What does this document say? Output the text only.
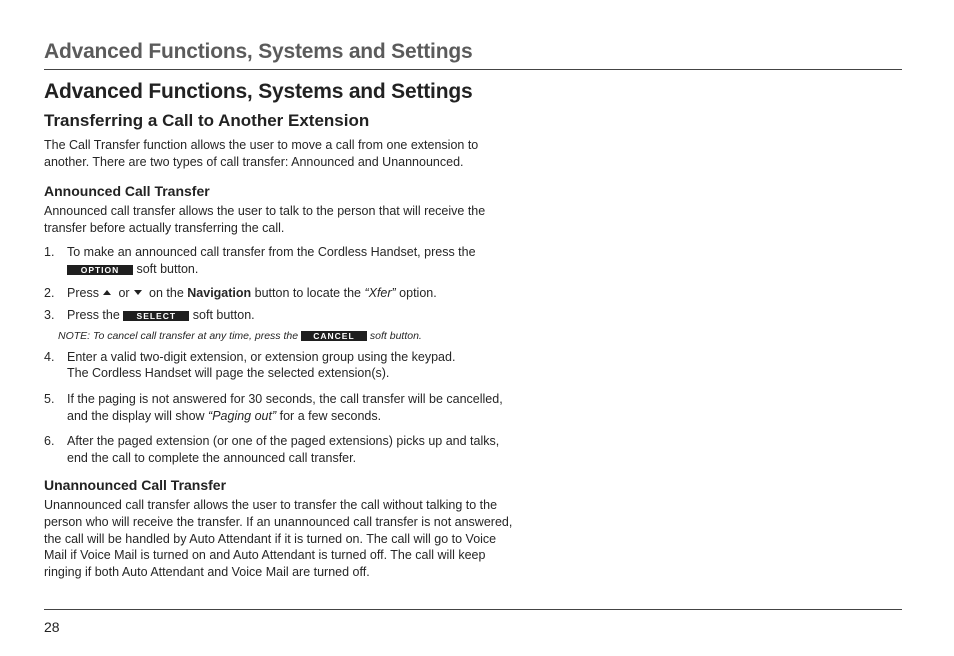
Advanced Functions, Systems and Settings
Advanced Functions, Systems and Settings
Transferring a Call to Another Extension

The Call Transfer function allows the user to move a call from one extension to
another. There are two types of call transfer: Announced and Unannounced.

Announced Call Transfer

Announced call transfer allows the user to talk to the person that will receive the
transfer before actually transferring the call.

1. To make an announced call transfer from the Cordless Handset, press the
OPTION soft button.
2. Press or on the Navigation button to locate the “Xfer” option.
3. Press the SELECT soft button.
NOTE: To cancel call transfer at any time, press the CANCEL soft button.
4. Enter a valid two-digit extension, or extension group using the keypad.
The Cordless Handset will page the selected extension(s).
5. If the paging is not answered for 30 seconds, the call transfer will be cancelled,
and the display will show “Paging out” for a few seconds.
6. After the paged extension (or one of the paged extensions) picks up and talks,
end the call to complete the announced call transfer.
Unannounced Call Transfer

Unannounced call transfer allows the user to transfer the call without talking to the
person who will receive the transfer. If an unannounced call transfer is not answered,
the call will be handled by Auto Attendant if it is turned on. The call will go to Voice
Mail if Voice Mail is turned on and Auto Attendant is turned off. The call will keep
ringing if both Auto Attendant and Voice Mail are turned off.

28
